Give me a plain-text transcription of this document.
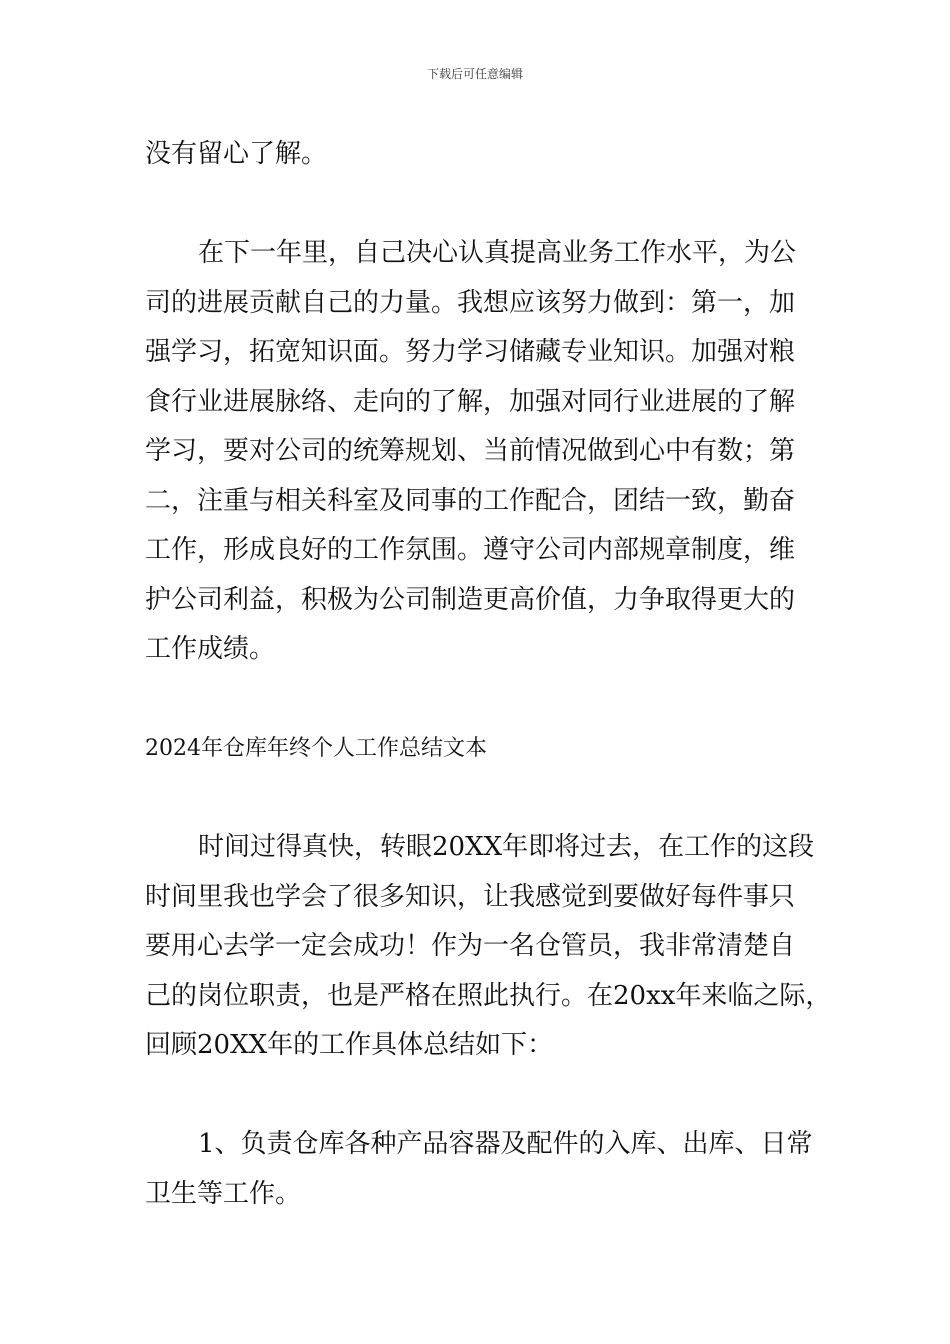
下载后可任意编辑
没有留心了解。
在下一年里，自己决心认真提高业务工作水平，为公
司的进展贡献自己的力量。我想应该努力做到：第一，加
强学习，拓宽知识面。努力学习储藏专业知识。加强对粮
食行业进展脉络、走向的了解，加强对同行业进展的了解
学习，要对公司的统筹规划、当前情况做到心中有数；第
二，注重与相关科室及同事的工作配合，团结一致，勤奋
工作，形成良好的工作氛围。遵守公司内部规章制度，维
护公司利益，积极为公司制造更高价值，力争取得更大的
工作成绩。
2024年仓库年终个人工作总结文本
时间过得真快，转眼20XX年即将过去，在工作的这段
时间里我也学会了很多知识，让我感觉到要做好每件事只
要用心去学一定会成功！作为一名仓管员，我非常清楚自
己的岗位职责，也是严格在照此执行。在20xx年来临之际，
回顾20XX年的工作具体总结如下：
1、负责仓库各种产品容器及配件的入库、出库、日常
卫生等工作。
